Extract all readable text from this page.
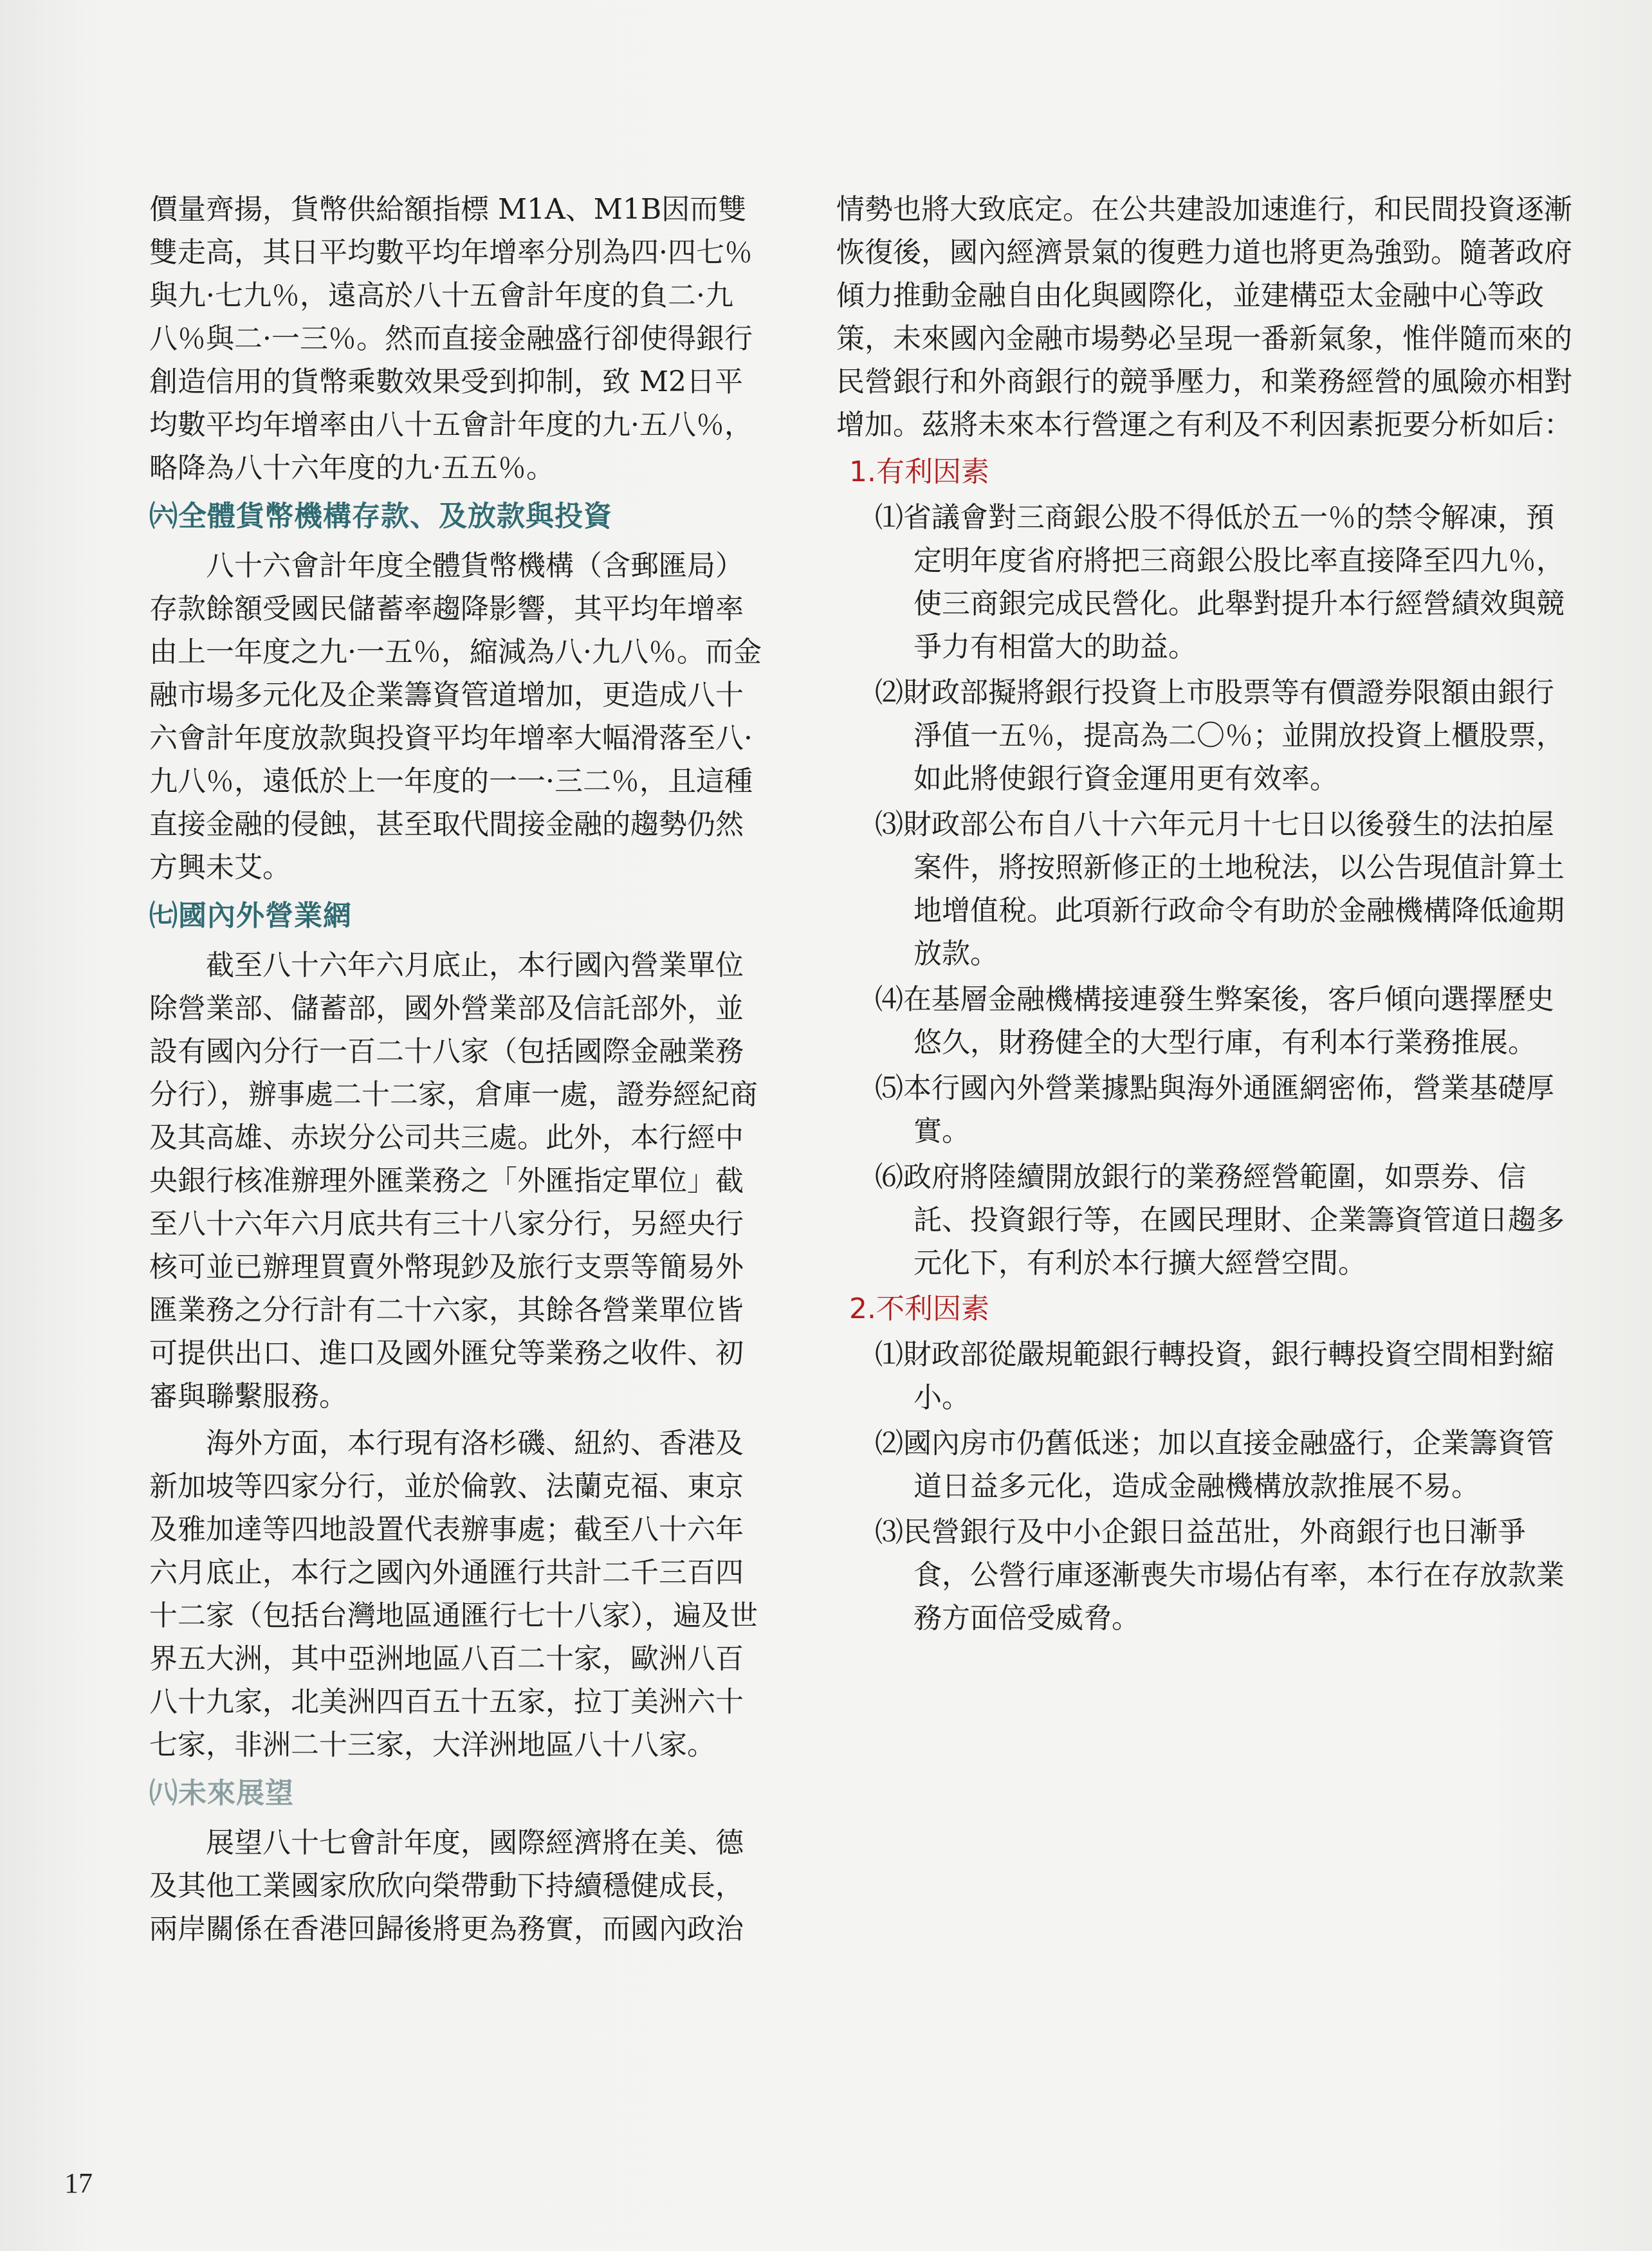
價量齊揚，貨幣供給額指標 M1A、M1B因而雙雙走高，其日平均數平均年增率分別為四·四七％與九·七九％，遠高於八十五會計年度的負二·九八％與二·一三％。然而直接金融盛行卻使得銀行創造信用的貨幣乘數效果受到抑制，致 M2日平均數平均年增率由八十五會計年度的九·五八％，略降為八十六年度的九·五五％。

㈥全體貨幣機構存款、及放款與投資

八十六會計年度全體貨幣機構（含郵匯局）存款餘額受國民儲蓄率趨降影響，其平均年增率由上一年度之九·一五％，縮減為八·九八％。而金融市場多元化及企業籌資管道增加，更造成八十六會計年度放款與投資平均年增率大幅滑落至八·九八％，遠低於上一年度的一一·三二％，且這種直接金融的侵蝕，甚至取代間接金融的趨勢仍然方興未艾。

㈦國內外營業網

截至八十六年六月底止，本行國內營業單位除營業部、儲蓄部，國外營業部及信託部外，並設有國內分行一百二十八家（包括國際金融業務分行），辦事處二十二家，倉庫一處，證券經紀商及其高雄、赤崁分公司共三處。此外，本行經中央銀行核准辦理外匯業務之「外匯指定單位」截至八十六年六月底共有三十八家分行，另經央行核可並已辦理買賣外幣現鈔及旅行支票等簡易外匯業務之分行計有二十六家，其餘各營業單位皆可提供出口、進口及國外匯兌等業務之收件、初審與聯繫服務。

海外方面，本行現有洛杉磯、紐約、香港及新加坡等四家分行，並於倫敦、法蘭克福、東京及雅加達等四地設置代表辦事處；截至八十六年六月底止，本行之國內外通匯行共計二千三百四十二家（包括台灣地區通匯行七十八家），遍及世界五大洲，其中亞洲地區八百二十家，歐洲八百八十九家，北美洲四百五十五家，拉丁美洲六十七家，非洲二十三家，大洋洲地區八十八家。

㈧未來展望

展望八十七會計年度，國際經濟將在美、德及其他工業國家欣欣向榮帶動下持續穩健成長，兩岸關係在香港回歸後將更為務實，而國內政治

情勢也將大致底定。在公共建設加速進行，和民間投資逐漸恢復後，國內經濟景氣的復甦力道也將更為強勁。隨著政府傾力推動金融自由化與國際化，並建構亞太金融中心等政策，未來國內金融市場勢必呈現一番新氣象，惟伴隨而來的民營銀行和外商銀行的競爭壓力，和業務經營的風險亦相對增加。茲將未來本行營運之有利及不利因素扼要分析如后：

1.有利因素

⑴省議會對三商銀公股不得低於五一％的禁令解凍，預定明年度省府將把三商銀公股比率直接降至四九％，使三商銀完成民營化。此舉對提升本行經營績效與競爭力有相當大的助益。

⑵財政部擬將銀行投資上市股票等有價證券限額由銀行淨值一五％，提高為二〇％；並開放投資上櫃股票，如此將使銀行資金運用更有效率。

⑶財政部公布自八十六年元月十七日以後發生的法拍屋案件，將按照新修正的土地稅法，以公告現值計算土地增值稅。此項新行政命令有助於金融機構降低逾期放款。

⑷在基層金融機構接連發生弊案後，客戶傾向選擇歷史悠久，財務健全的大型行庫，有利本行業務推展。

⑸本行國內外營業據點與海外通匯網密佈，營業基礎厚實。

⑹政府將陸續開放銀行的業務經營範圍，如票券、信託、投資銀行等，在國民理財、企業籌資管道日趨多元化下，有利於本行擴大經營空間。

2.不利因素

⑴財政部從嚴規範銀行轉投資，銀行轉投資空間相對縮小。

⑵國內房市仍舊低迷；加以直接金融盛行，企業籌資管道日益多元化，造成金融機構放款推展不易。

⑶民營銀行及中小企銀日益茁壯，外商銀行也日漸爭食，公營行庫逐漸喪失市場佔有率，本行在存放款業務方面倍受威脅。

17
